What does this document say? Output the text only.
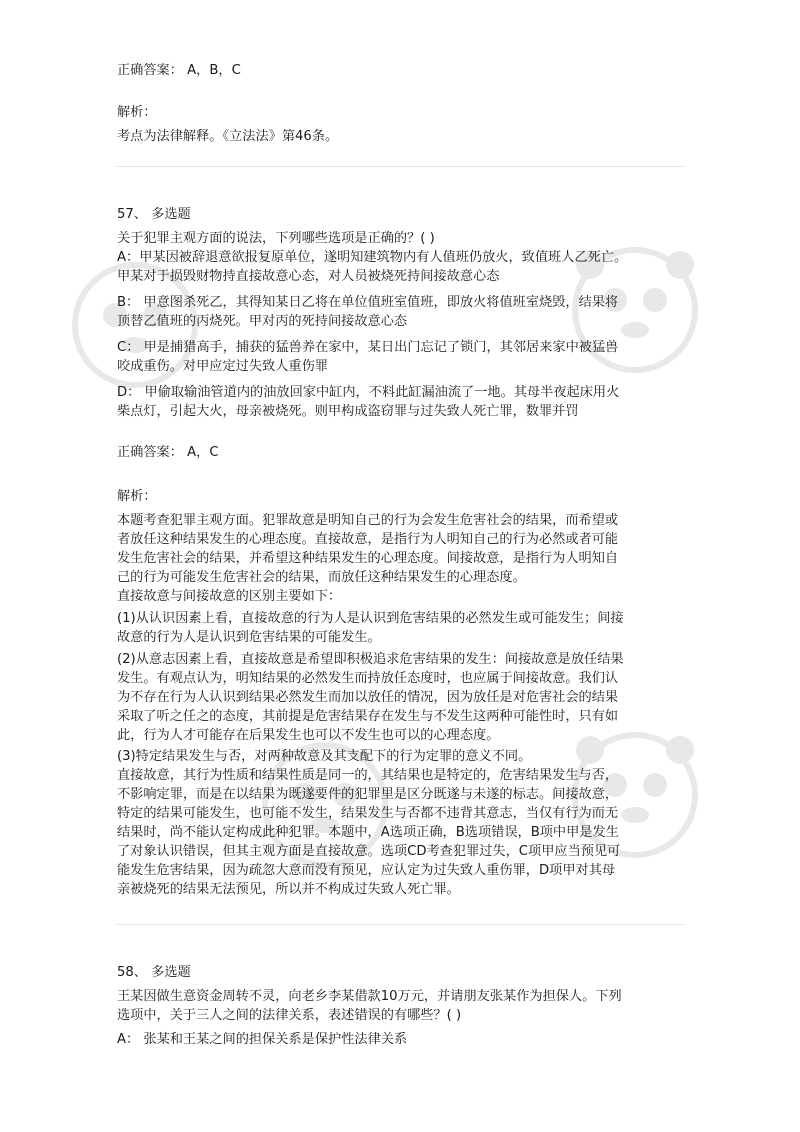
正确答案： A，B，C
解析：
考点为法律解释。《立法法》第46条。
57、 多选题
关于犯罪主观方面的说法，下列哪些选项是正确的？( )
A：甲某因被辞退意欲报复原单位，遂明知建筑物内有人值班仍放火，致值班人乙死亡。
甲某对于损毁财物持直接故意心态，对人员被烧死持间接故意心态
B： 甲意图杀死乙，其得知某日乙将在单位值班室值班，即放火将值班室烧毁，结果将
顶替乙值班的丙烧死。甲对丙的死持间接故意心态
C： 甲是捕猎高手，捕获的猛兽养在家中，某日出门忘记了锁门，其邻居来家中被猛兽
咬成重伤。对甲应定过失致人重伤罪
D： 甲偷取输油管道内的油放回家中缸内，不料此缸漏油流了一地。其母半夜起床用火
柴点灯，引起大火，母亲被烧死。则甲构成盗窃罪与过失致人死亡罪，数罪并罚
正确答案： A，C
解析：
本题考查犯罪主观方面。犯罪故意是明知自己的行为会发生危害社会的结果，而希望或
者放任这种结果发生的心理态度。直接故意，是指行为人明知自己的行为必然或者可能
发生危害社会的结果，并希望这种结果发生的心理态度。间接故意，是指行为人明知自
己的行为可能发生危害社会的结果，而放任这种结果发生的心理态度。
直接故意与间接故意的区别主要如下：
(1)从认识因素上看，直接故意的行为人是认识到危害结果的必然发生或可能发生；间接
故意的行为人是认识到危害结果的可能发生。
(2)从意志因素上看，直接故意是希望即积极追求危害结果的发生：间接故意是放任结果
发生。有观点认为，明知结果的必然发生而持放任态度时，也应属于间接故意。我们认
为不存在行为人认识到结果必然发生而加以放任的情况，因为放任是对危害社会的结果
采取了听之任之的态度，其前提是危害结果存在发生与不发生这两种可能性时，只有如
此，行为人才可能存在后果发生也可以不发生也可以的心理态度。
(3)特定结果发生与否，对两种故意及其支配下的行为定罪的意义不同。
直接故意，其行为性质和结果性质是同一的，其结果也是特定的，危害结果发生与否，
不影响定罪，而是在以结果为既遂要件的犯罪里是区分既遂与未遂的标志。间接故意，
特定的结果可能发生，也可能不发生，结果发生与否都不违背其意志，当仅有行为而无
结果时，尚不能认定构成此种犯罪。本题中，A选项正确，B选项错误，B项中甲是发生
了对象认识错误，但其主观方面是直接故意。选项CD考查犯罪过失，C项甲应当预见可
能发生危害结果，因为疏忽大意而没有预见，应认定为过失致人重伤罪，D项甲对其母
亲被烧死的结果无法预见，所以并不构成过失致人死亡罪。
58、 多选题
王某因做生意资金周转不灵，向老乡李某借款10万元，并请朋友张某作为担保人。下列
选项中，关于三人之间的法律关系，表述错误的有哪些？( )
A： 张某和王某之间的担保关系是保护性法律关系
